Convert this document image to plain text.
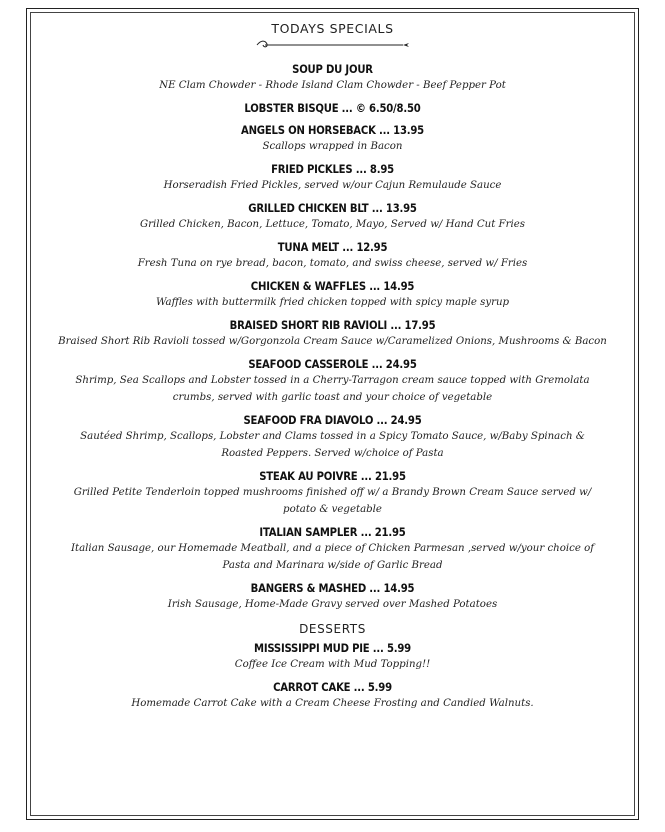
TODAYS SPECIALS
SOUP DU JOUR
NE Clam Chowder - Rhode Island Clam Chowder - Beef Pepper Pot
LOBSTER BISQUE ... © 6.50/8.50
ANGELS ON HORSEBACK ... 13.95
Scallops wrapped in Bacon
FRIED PICKLES ... 8.95
Horseradish Fried Pickles, served w/our Cajun Remulaude Sauce
GRILLED CHICKEN BLT ... 13.95
Grilled Chicken, Bacon, Lettuce, Tomato, Mayo, Served w/ Hand Cut Fries
TUNA MELT ... 12.95
Fresh Tuna on rye bread, bacon, tomato, and swiss cheese, served w/ Fries
CHICKEN & WAFFLES ... 14.95
Waffles with buttermilk fried chicken topped with spicy maple syrup
BRAISED SHORT RIB RAVIOLI ... 17.95
Braised Short Rib Ravioli tossed w/Gorgonzola Cream Sauce w/Caramelized Onions, Mushrooms & Bacon
SEAFOOD CASSEROLE ... 24.95
Shrimp, Sea Scallops and Lobster tossed in a Cherry-Tarragon cream sauce topped with Gremolata crumbs, served with garlic toast and your choice of vegetable
SEAFOOD FRA DIAVOLO ... 24.95
Sautéed Shrimp, Scallops, Lobster and Clams tossed in a Spicy Tomato Sauce, w/Baby Spinach & Roasted Peppers. Served w/choice of Pasta
STEAK AU POIVRE ... 21.95
Grilled Petite Tenderloin topped mushrooms finished off w/ a Brandy Brown Cream Sauce served w/ potato & vegetable
ITALIAN SAMPLER ... 21.95
Italian Sausage, our Homemade Meatball, and a piece of Chicken Parmesan ,served w/your choice of Pasta and Marinara w/side of Garlic Bread
BANGERS & MASHED ... 14.95
Irish Sausage, Home-Made Gravy served over Mashed Potatoes
DESSERTS
MISSISSIPPI MUD PIE ... 5.99
Coffee Ice Cream with Mud Topping!!
CARROT CAKE ... 5.99
Homemade Carrot Cake with a Cream Cheese Frosting and Candied Walnuts.
